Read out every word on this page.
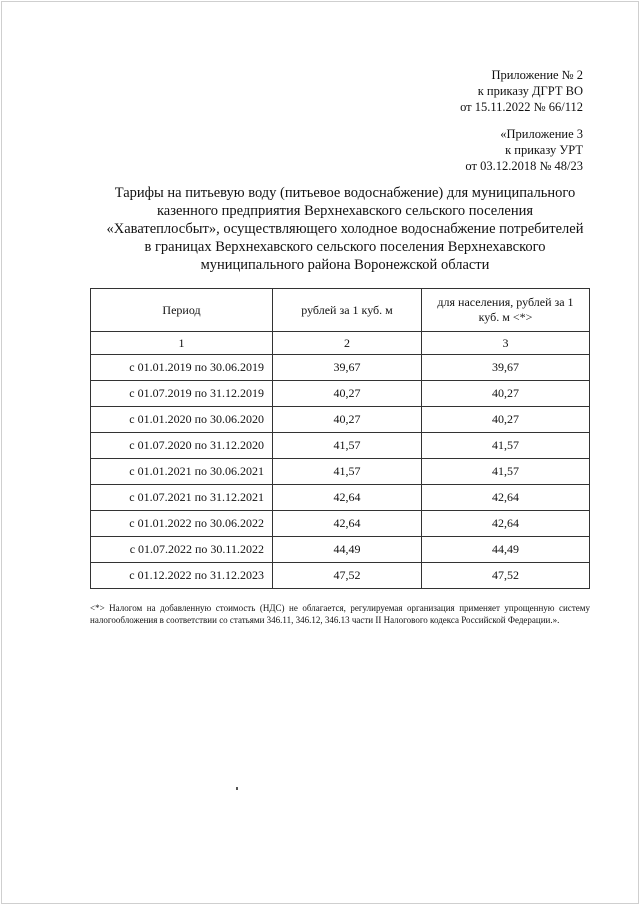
Приложение № 2
к приказу ДГРТ ВО
от 15.11.2022 № 66/112
«Приложение 3
к приказу УРТ
от 03.12.2018 № 48/23
Тарифы на питьевую воду (питьевое водоснабжение) для муниципального
казенного предприятия Верхнехавского сельского поселения
«Хаватеплосбыт», осуществляющего холодное водоснабжение потребителей
в границах Верхнехавского сельского поселения Верхнехавского
муниципального района Воронежской области
Период	рублей за 1 куб. м	для населения, рублей за 1 куб. м <*>
1	2	3
с 01.01.2019 по 30.06.2019	39,67	39,67
с 01.07.2019 по 31.12.2019	40,27	40,27
с 01.01.2020 по 30.06.2020	40,27	40,27
с 01.07.2020 по 31.12.2020	41,57	41,57
с 01.01.2021 по 30.06.2021	41,57	41,57
с 01.07.2021 по 31.12.2021	42,64	42,64
с 01.01.2022 по 30.06.2022	42,64	42,64
с 01.07.2022 по 30.11.2022	44,49	44,49
с 01.12.2022 по 31.12.2023	47,52	47,52
<*> Налогом на добавленную стоимость (НДС) не облагается, регулируемая организация применяет упрощенную систему налогообложения в соответствии со статьями 346.11, 346.12, 346.13 части II Налогового кодекса Российской Федерации.».
